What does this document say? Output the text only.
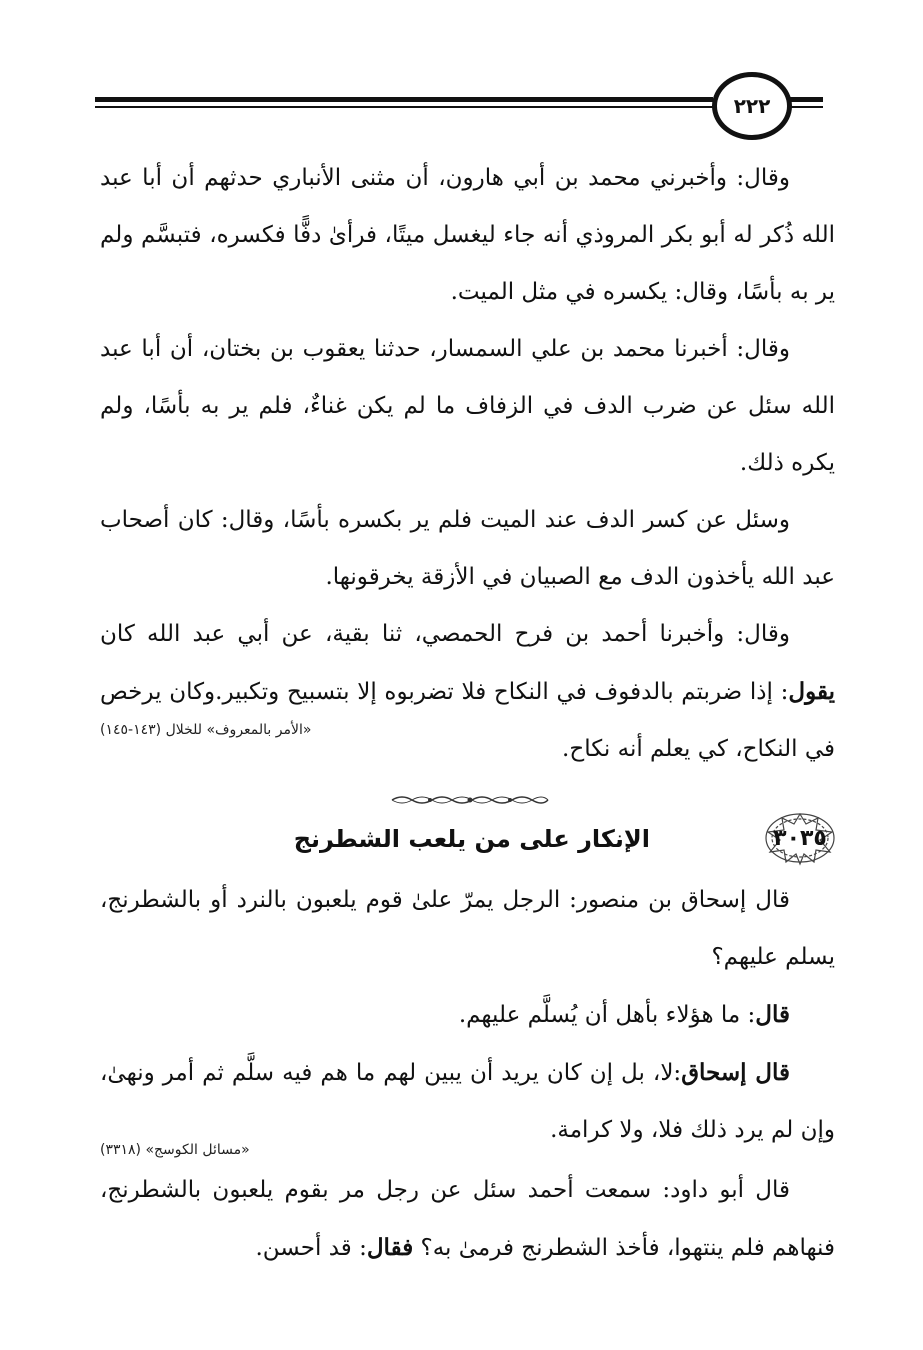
٢٢٢

وقال: وأخبرني محمد بن أبي هارون، أن مثنى الأنباري حدثهم أن أبا عبد الله ذُكر له أبو بكر المروذي أنه جاء ليغسل ميتًا، فرأىٰ دفًّا فكسره، فتبسَّم ولم ير به بأسًا، وقال: يكسره في مثل الميت.

وقال: أخبرنا محمد بن علي السمسار، حدثنا يعقوب بن بختان، أن أبا عبد الله سئل عن ضرب الدف في الزفاف ما لم يكن غناءٌ، فلم ير به بأسًا، ولم يكره ذلك.

وسئل عن كسر الدف عند الميت فلم ير بكسره بأسًا، وقال: كان أصحاب عبد الله يأخذون الدف مع الصبيان في الأزقة يخرقونها.

وقال: وأخبرنا أحمد بن فرح الحمصي، ثنا بقية، عن أبي عبد الله كان يقول: إذا ضربتم بالدفوف في النكاح فلا تضربوه إلا بتسبيح وتكبير.وكان يرخص في النكاح، كي يعلم أنه نكاح.

«الأمر بالمعروف» للخلال (١٤٣-١٤٥)
٣٠٣٥
الإنكار على من يلعب الشطرنج

قال إسحاق بن منصور: الرجل يمرّ علىٰ قوم يلعبون بالنرد أو بالشطرنج، يسلم عليهم؟

قال: ما هؤلاء بأهل أن يُسلَّم عليهم.

قال إسحاق:لا، بل إن كان يريد أن يبين لهم ما هم فيه سلَّم ثم أمر ونهىٰ، وإن لم يرد ذلك فلا، ولا كرامة.

«مسائل الكوسج» (٣٣١٨)

قال أبو داود: سمعت أحمد سئل عن رجل مر بقوم يلعبون بالشطرنج، فنهاهم فلم ينتهوا، فأخذ الشطرنج فرمىٰ به؟ فقال: قد أحسن.
